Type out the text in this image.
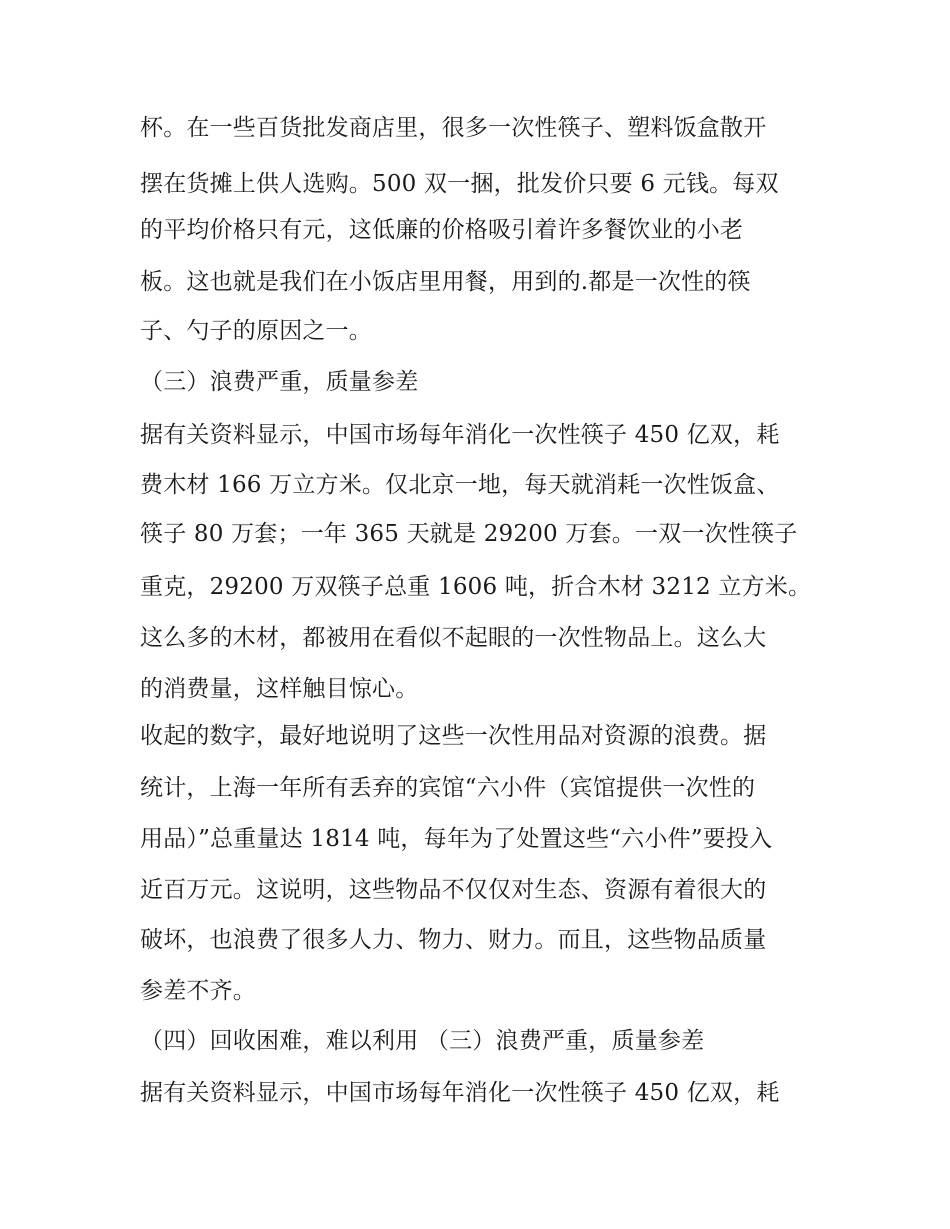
杯。在一些百货批发商店里，很多一次性筷子、塑料饭盒散开
摆在货摊上供人选购。500 双一捆，批发价只要 6 元钱。每双
的平均价格只有元，这低廉的价格吸引着许多餐饮业的小老
板。这也就是我们在小饭店里用餐，用到的.都是一次性的筷
子、勺子的原因之一。
（三）浪费严重，质量参差
据有关资料显示，中国市场每年消化一次性筷子 450 亿双，耗
费木材 166 万立方米。仅北京一地，每天就消耗一次性饭盒、
筷子 80 万套；一年 365 天就是 29200 万套。一双一次性筷子
重克，29200 万双筷子总重 1606 吨，折合木材 3212 立方米。
这么多的木材，都被用在看似不起眼的一次性物品上。这么大
的消费量，这样触目惊心。
收起的数字，最好地说明了这些一次性用品对资源的浪费。据
统计，上海一年所有丢弃的宾馆“六小件（宾馆提供一次性的
用品）”总重量达 1814 吨，每年为了处置这些“六小件”要投入
近百万元。这说明，这些物品不仅仅对生态、资源有着很大的
破坏，也浪费了很多人力、物力、财力。而且，这些物品质量
参差不齐。
（四）回收困难，难以利用 （三）浪费严重，质量参差
据有关资料显示，中国市场每年消化一次性筷子 450 亿双，耗
